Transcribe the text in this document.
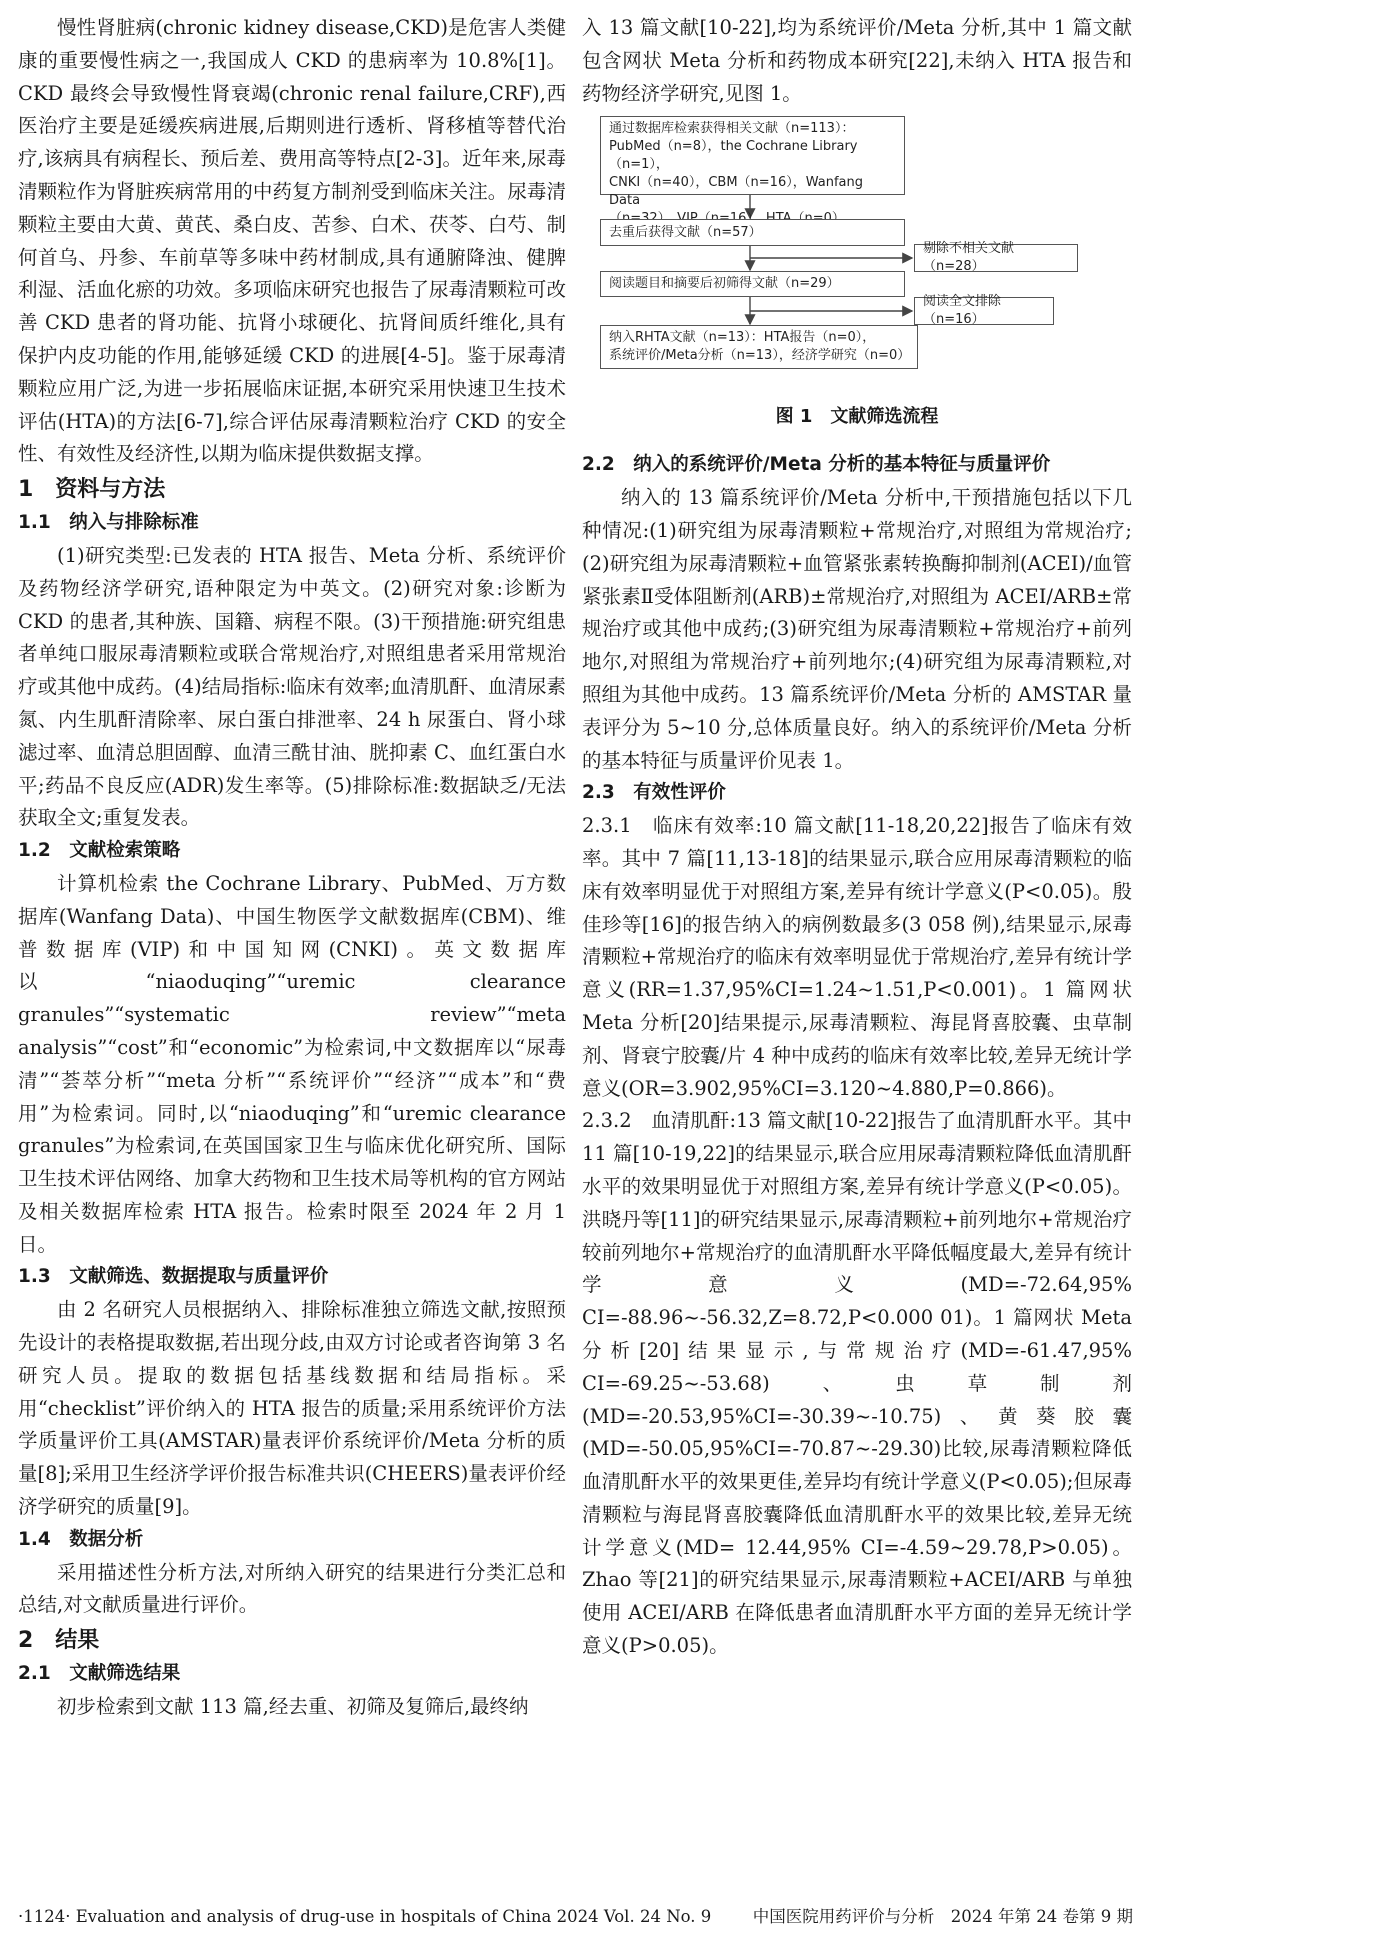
慢性肾脏病(chronic kidney disease,CKD)是危害人类健康的重要慢性病之一,我国成人 CKD 的患病率为 10.8%[1]。CKD 最终会导致慢性肾衰竭(chronic renal failure,CRF),西医治疗主要是延缓疾病进展,后期则进行透析、肾移植等替代治疗,该病具有病程长、预后差、费用高等特点[2-3]。近年来,尿毒清颗粒作为肾脏疾病常用的中药复方制剂受到临床关注。尿毒清颗粒主要由大黄、黄芪、桑白皮、苦参、白术、茯苓、白芍、制何首乌、丹参、车前草等多味中药材制成,具有通腑降浊、健脾利湿、活血化瘀的功效。多项临床研究也报告了尿毒清颗粒可改善 CKD 患者的肾功能、抗肾小球硬化、抗肾间质纤维化,具有保护内皮功能的作用,能够延缓 CKD 的进展[4-5]。鉴于尿毒清颗粒应用广泛,为进一步拓展临床证据,本研究采用快速卫生技术评估(HTA)的方法[6-7],综合评估尿毒清颗粒治疗 CKD 的安全性、有效性及经济性,以期为临床提供数据支撑。

1　资料与方法
1.1　纳入与排除标准

(1)研究类型:已发表的 HTA 报告、Meta 分析、系统评价及药物经济学研究,语种限定为中英文。(2)研究对象:诊断为 CKD 的患者,其种族、国籍、病程不限。(3)干预措施:研究组患者单纯口服尿毒清颗粒或联合常规治疗,对照组患者采用常规治疗或其他中成药。(4)结局指标:临床有效率;血清肌酐、血清尿素氮、内生肌酐清除率、尿白蛋白排泄率、24 h 尿蛋白、肾小球滤过率、血清总胆固醇、血清三酰甘油、胱抑素 C、血红蛋白水平;药品不良反应(ADR)发生率等。(5)排除标准:数据缺乏/无法获取全文;重复发表。

1.2　文献检索策略

计算机检索 the Cochrane Library、PubMed、万方数据库(Wanfang Data)、中国生物医学文献数据库(CBM)、维普数据库(VIP)和中国知网(CNKI)。英文数据库以“niaoduqing”“uremic clearance granules”“systematic review”“meta analysis”“cost”和“economic”为检索词,中文数据库以“尿毒清”“荟萃分析”“meta 分析”“系统评价”“经济”“成本”和“费用”为检索词。同时,以“niaoduqing”和“uremic clearance granules”为检索词,在英国国家卫生与临床优化研究所、国际卫生技术评估网络、加拿大药物和卫生技术局等机构的官方网站及相关数据库检索 HTA 报告。检索时限至 2024 年 2 月 1 日。

1.3　文献筛选、数据提取与质量评价

由 2 名研究人员根据纳入、排除标准独立筛选文献,按照预先设计的表格提取数据,若出现分歧,由双方讨论或者咨询第 3 名研究人员。提取的数据包括基线数据和结局指标。采用“checklist”评价纳入的 HTA 报告的质量;采用系统评价方法学质量评价工具(AMSTAR)量表评价系统评价/Meta 分析的质量[8];采用卫生经济学评价报告标准共识(CHEERS)量表评价经济学研究的质量[9]。

1.4　数据分析

采用描述性分析方法,对所纳入研究的结果进行分类汇总和总结,对文献质量进行评价。

2　结果
2.1　文献筛选结果

初步检索到文献 113 篇,经去重、初筛及复筛后,最终纳

入 13 篇文献[10-22],均为系统评价/Meta 分析,其中 1 篇文献包含网状 Meta 分析和药物成本研究[22],未纳入 HTA 报告和药物经济学研究,见图 1。

通过数据库检索获得相关文献（n=113）：
PubMed（n=8），the Cochrane Library（n=1），
CNKI（n=40），CBM（n=16），Wanfang Data

去重后获得文献（n=57）
阅读题目和摘要后初筛得文献（n=29）
纳入RHTA文献（n=13）：HTA报告（n=0），
系统评价/Meta分析（n=13），经济学研究（n=0）
剔除不相关文献（n=28）
阅读全文排除（n=16）
图 1　文献筛选流程
2.2　纳入的系统评价/Meta 分析的基本特征与质量评价

纳入的 13 篇系统评价/Meta 分析中,干预措施包括以下几种情况:(1)研究组为尿毒清颗粒+常规治疗,对照组为常规治疗;(2)研究组为尿毒清颗粒+血管紧张素转换酶抑制剂(ACEI)/血管紧张素Ⅱ受体阻断剂(ARB)±常规治疗,对照组为 ACEI/ARB±常规治疗或其他中成药;(3)研究组为尿毒清颗粒+常规治疗+前列地尔,对照组为常规治疗+前列地尔;(4)研究组为尿毒清颗粒,对照组为其他中成药。13 篇系统评价/Meta 分析的 AMSTAR 量表评分为 5~10 分,总体质量良好。纳入的系统评价/Meta 分析的基本特征与质量评价见表 1。

2.3　有效性评价

2.3.1　临床有效率:10 篇文献[11-18,20,22]报告了临床有效率。其中 7 篇[11,13-18]的结果显示,联合应用尿毒清颗粒的临床有效率明显优于对照组方案,差异有统计学意义(P<0.05)。殷佳珍等[16]的报告纳入的病例数最多(3 058 例),结果显示,尿毒清颗粒+常规治疗的临床有效率明显优于常规治疗,差异有统计学意义(RR=1.37,95%CI=1.24~1.51,P<0.001)。1 篇网状 Meta 分析[20]结果提示,尿毒清颗粒、海昆肾喜胶囊、虫草制剂、肾衰宁胶囊/片 4 种中成药的临床有效率比较,差异无统计学意义(OR=3.902,95%CI=3.120~4.880,P=0.866)。

2.3.2　血清肌酐:13 篇文献[10-22]报告了血清肌酐水平。其中 11 篇[10-19,22]的结果显示,联合应用尿毒清颗粒降低血清肌酐水平的效果明显优于对照组方案,差异有统计学意义(P<0.05)。洪晓丹等[11]的研究结果显示,尿毒清颗粒+前列地尔+常规治疗较前列地尔+常规治疗的血清肌酐水平降低幅度最大,差异有统计学意义(MD=-72.64,95% CI=-88.96~-56.32,Z=8.72,P<0.000 01)。1 篇网状 Meta 分析[20]结果显示,与常规治疗(MD=-61.47,95% CI=-69.25~-53.68)、虫草制剂(MD=-20.53,95%CI=-30.39~-10.75)、黄葵胶囊(MD=-50.05,95%CI=-70.87~-29.30)比较,尿毒清颗粒降低血清肌酐水平的效果更佳,差异均有统计学意义(P<0.05);但尿毒清颗粒与海昆肾喜胶囊降低血清肌酐水平的效果比较,差异无统计学意义(MD= 12.44,95% CI=-4.59~29.78,P>0.05)。Zhao 等[21]的研究结果显示,尿毒清颗粒+ACEI/ARB 与单独使用 ACEI/ARB 在降低患者血清肌酐水平方面的差异无统计学意义(P>0.05)。

·1124· Evaluation and analysis of drug-use in hospitals of China 2024 Vol. 24 No. 9	中国医院用药评价与分析　2024 年第 24 卷第 9 期
